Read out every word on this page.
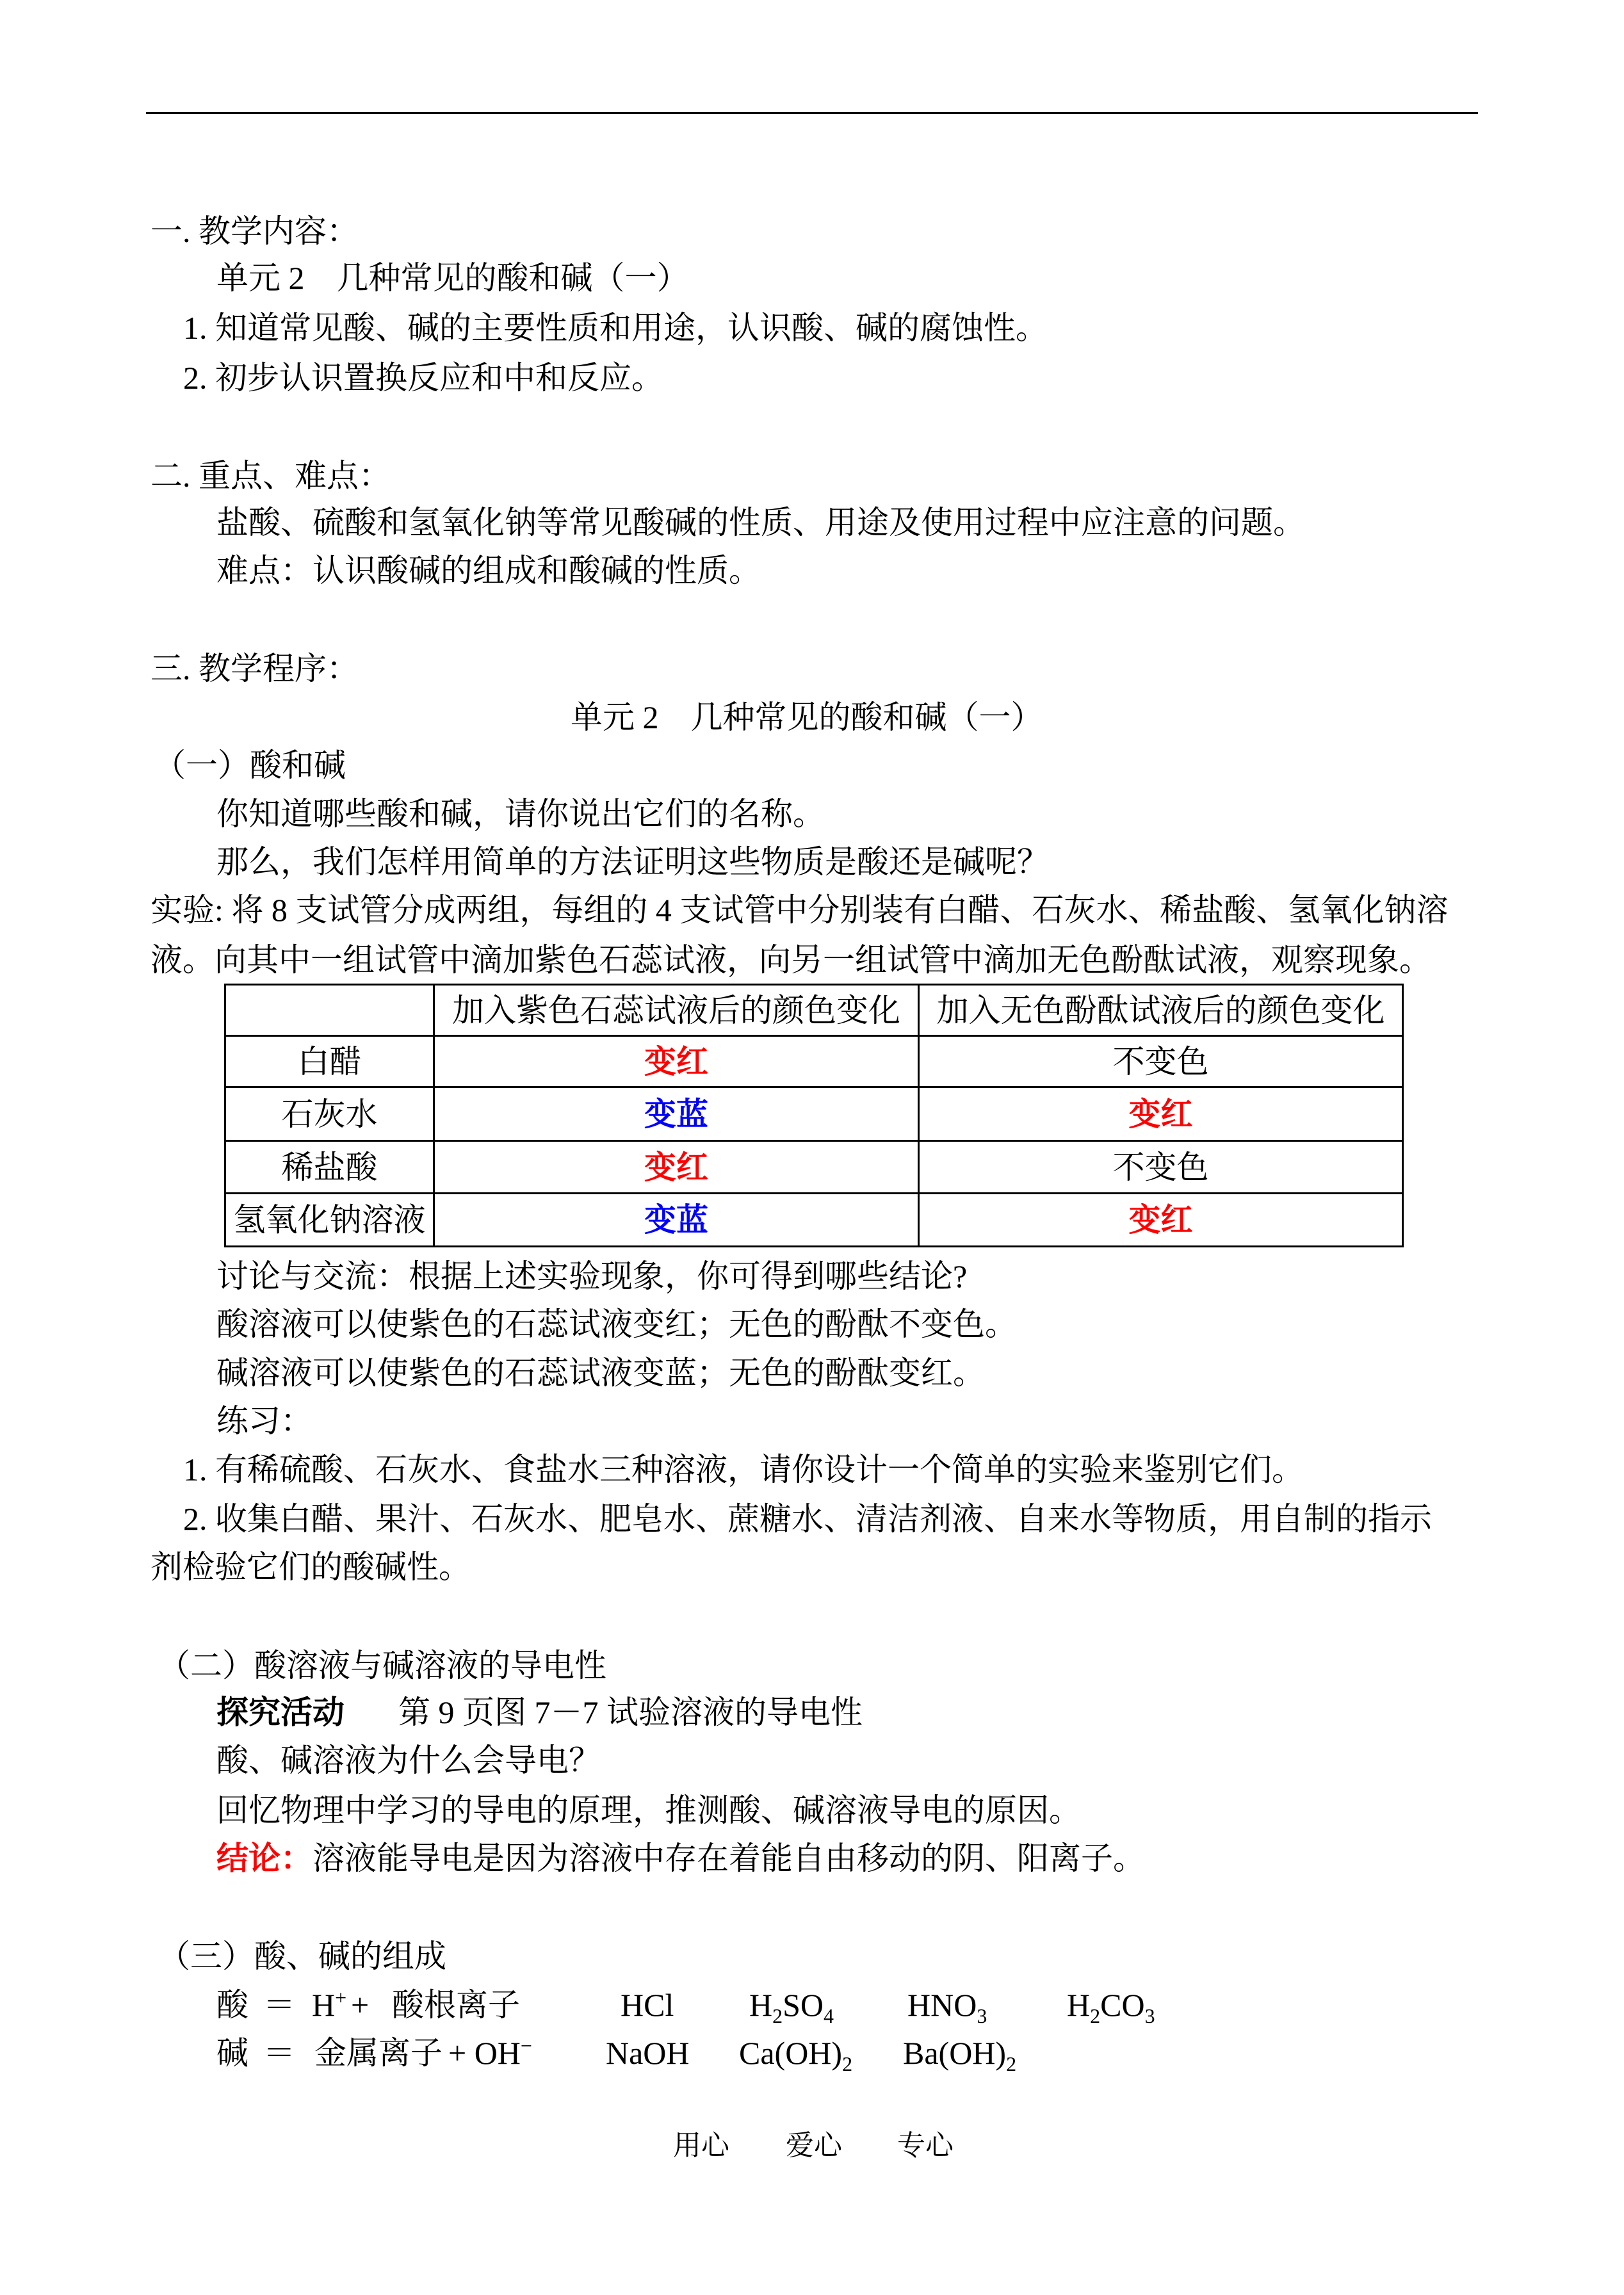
一. 教学内容：
单元 2　几种常见的酸和碱（一）
1. 知道常见酸、碱的主要性质和用途，认识酸、碱的腐蚀性。
2. 初步认识置换反应和中和反应。
二. 重点、难点：
盐酸、硫酸和氢氧化钠等常见酸碱的性质、用途及使用过程中应注意的问题。
难点：认识酸碱的组成和酸碱的性质。
三. 教学程序：
单元 2　几种常见的酸和碱（一）
（一）酸和碱
你知道哪些酸和碱，请你说出它们的名称。
那么，我们怎样用简单的方法证明这些物质是酸还是碱呢？
实验: 将 8 支试管分成两组，每组的 4 支试管中分别装有白醋、石灰水、稀盐酸、氢氧化钠溶
液。向其中一组试管中滴加紫色石蕊试液，向另一组试管中滴加无色酚酞试液，观察现象。
	加入紫色石蕊试液后的颜色变化	加入无色酚酞试液后的颜色变化
白醋	变红	不变色
石灰水	变蓝	变红
稀盐酸	变红	不变色
氢氧化钠溶液	变蓝	变红
讨论与交流：根据上述实验现象，你可得到哪些结论?
酸溶液可以使紫色的石蕊试液变红；无色的酚酞不变色。
碱溶液可以使紫色的石蕊试液变蓝；无色的酚酞变红。
练习：
1. 有稀硫酸、石灰水、食盐水三种溶液，请你设计一个简单的实验来鉴别它们。
2. 收集白醋、果汁、石灰水、肥皂水、蔗糖水、清洁剂液、自来水等物质，用自制的指示
剂检验它们的酸碱性。
（二）酸溶液与碱溶液的导电性
探究活动 第 9 页图 7－7 试验溶液的导电性
酸、碱溶液为什么会导电？
回忆物理中学习的导电的原理，推测酸、碱溶液导电的原因。
结论：溶液能导电是因为溶液中存在着能自由移动的阴、阳离子。
（三）酸、碱的组成
酸 ＝ H+ + 酸根离子	HCl $H_2SO_4$ $HNO_3$ $H_2CO_3$
碱 ＝ 金属离子 + OH− NaOH $Ca(OH)_2$ $Ba(OH)_2$
用心 爱心 专心
